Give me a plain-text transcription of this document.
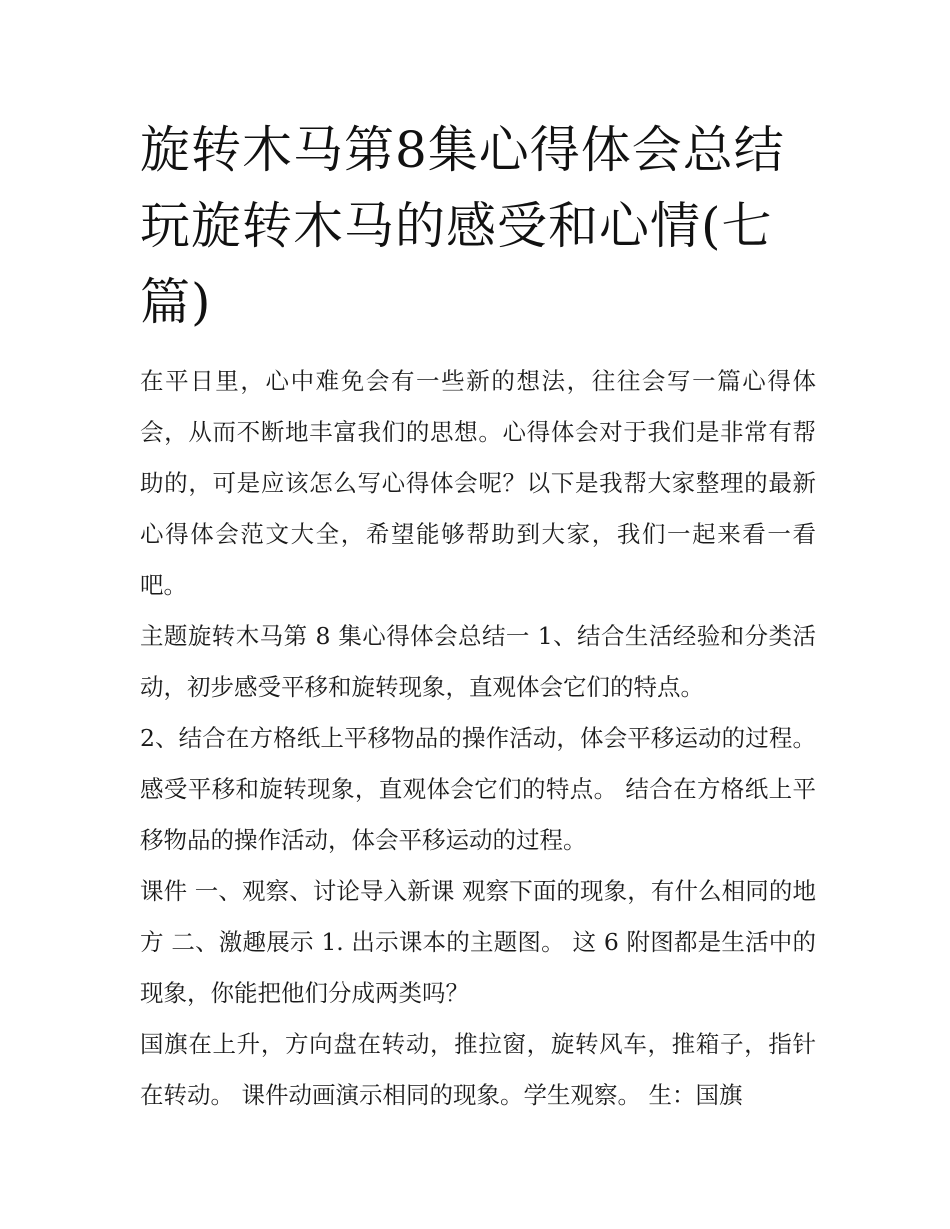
旋转木马第8集心得体会总结玩旋转木马的感受和心情(七篇)

在平日里，心中难免会有一些新的想法，往往会写一篇心得体会，从而不断地丰富我们的思想。心得体会对于我们是非常有帮助的，可是应该怎么写心得体会呢？以下是我帮大家整理的最新心得体会范文大全，希望能够帮助到大家，我们一起来看一看吧。

主题旋转木马第 8 集心得体会总结一 1、结合生活经验和分类活动，初步感受平移和旋转现象，直观体会它们的特点。

2、结合在方格纸上平移物品的操作活动，体会平移运动的过程。 感受平移和旋转现象，直观体会它们的特点。 结合在方格纸上平移物品的操作活动，体会平移运动的过程。

课件 一、观察、讨论导入新课 观察下面的现象，有什么相同的地方 二、激趣展示 1. 出示课本的主题图。 这 6 附图都是生活中的现象，你能把他们分成两类吗？

国旗在上升，方向盘在转动，推拉窗，旋转风车，推箱子，指针在转动。 课件动画演示相同的现象。学生观察。 生：国旗
